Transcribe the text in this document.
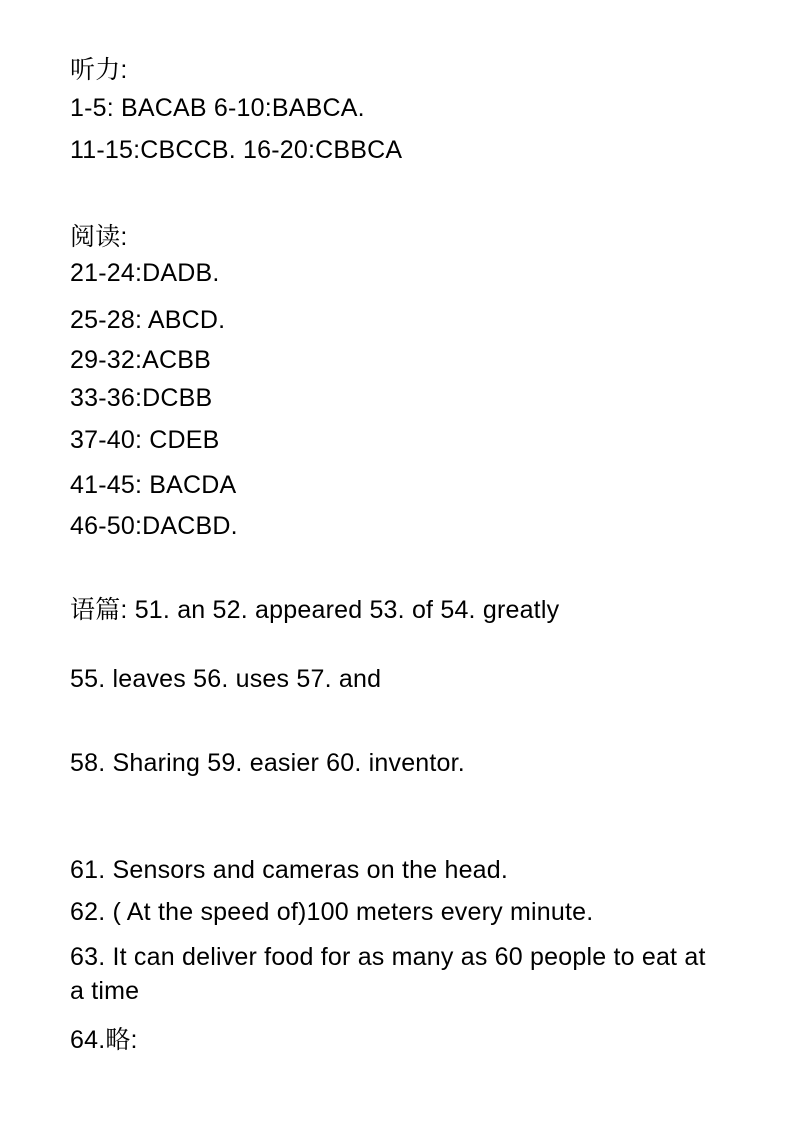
听力:
1-5: BACAB 6-10:BABCA.
11-15:CBCCB. 16-20:CBBCA
阅读:
21-24:DADB.
25-28: ABCD.
29-32:ACBB
33-36:DCBB
37-40: CDEB
41-45: BACDA
46-50:DACBD.
语篇: 51. an 52. appeared 53. of 54. greatly
55. leaves 56. uses 57. and
58. Sharing 59. easier 60. inventor.
61. Sensors and cameras on the head.
62. ( At the speed of)100 meters every minute.
63. It can deliver food for as many as 60 people to eat at a time
64.略:
